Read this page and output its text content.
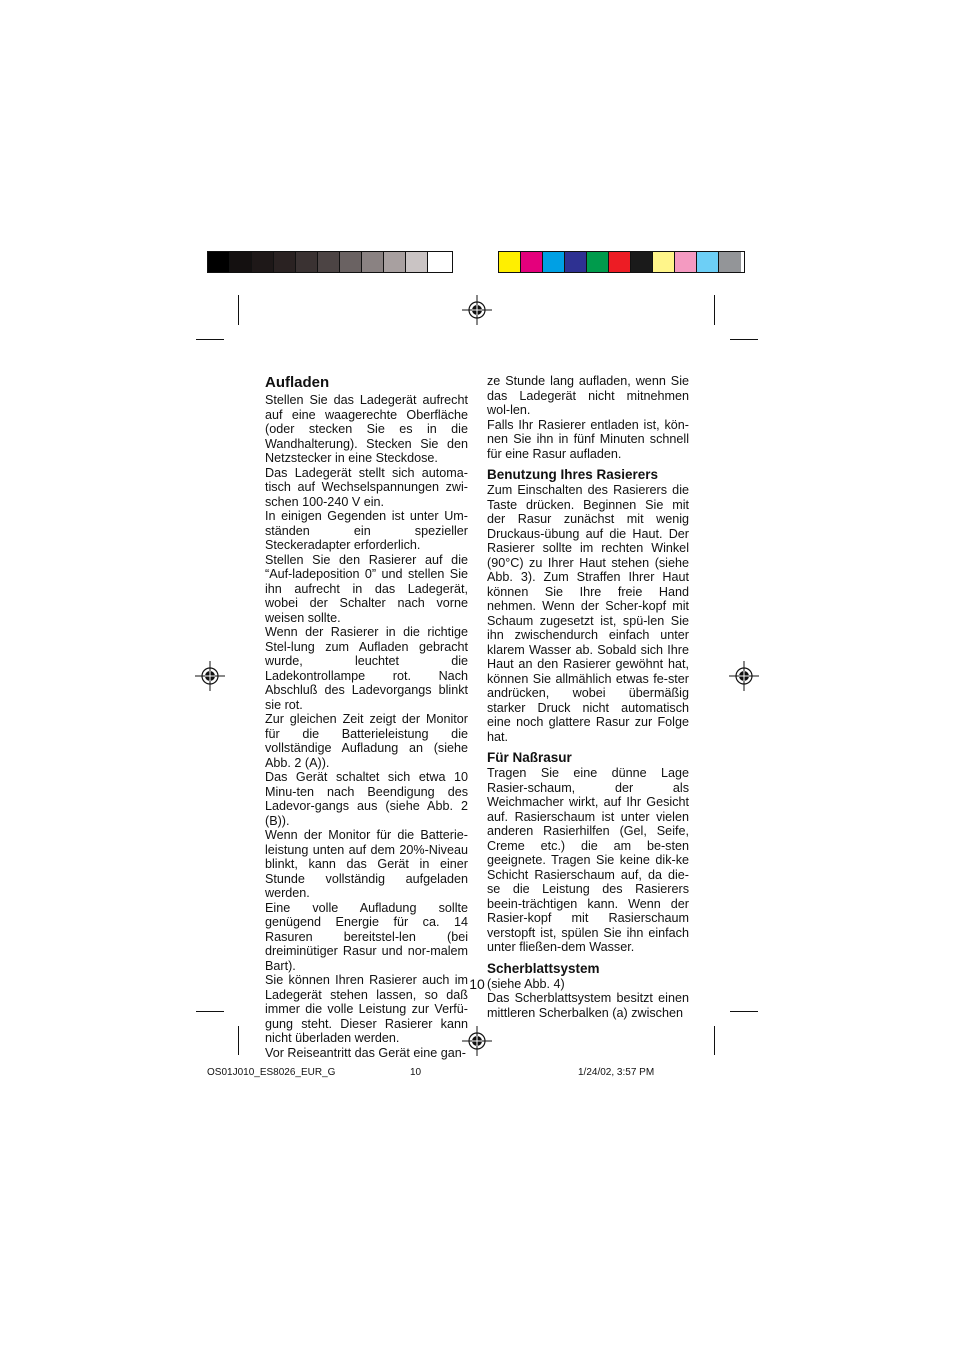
Aufladen

Stellen Sie das Ladegerät aufrecht auf eine waagerechte Oberfläche (oder stecken Sie es in die Wandhalterung). Stecken Sie den Netzstecker in eine Steckdose.

Das Ladegerät stellt sich automa-tisch auf Wechselspannungen zwi-schen 100-240 V ein.

In einigen Gegenden ist unter Um-ständen ein spezieller Steckeradapter erforderlich.

Stellen Sie den Rasierer auf die “Auf-ladeposition 0” und stellen Sie ihn aufrecht in das Ladegerät, wobei der Schalter nach vorne weisen sollte.

Wenn der Rasierer in die richtige Stel-lung zum Aufladen gebracht wurde, leuchtet die Ladekontrollampe rot. Nach Abschluß des Ladevorgangs blinkt sie rot.

Zur gleichen Zeit zeigt der Monitor für die Batterieleistung die vollständige Aufladung an (siehe Abb. 2 (A)).

Das Gerät schaltet sich etwa 10 Minu-ten nach Beendigung des Ladevor-gangs aus (siehe Abb. 2 (B)).

Wenn der Monitor für die Batterie-leistung unten auf dem 20%-Niveau blinkt, kann das Gerät in einer Stunde vollständig aufgeladen werden.

Eine volle Aufladung sollte genügend Energie für ca. 14 Rasuren bereitstel-len (bei dreiminütiger Rasur und nor-malem Bart).

Sie können Ihren Rasierer auch im Ladegerät stehen lassen, so daß immer die volle Leistung zur Verfü-gung steht. Dieser Rasierer kann nicht überladen werden.

Vor Reiseantritt das Gerät eine gan-

ze Stunde lang aufladen, wenn Sie das Ladegerät nicht mitnehmen wol-len.

Falls Ihr Rasierer entladen ist, kön-nen Sie ihn in fünf Minuten schnell für eine Rasur aufladen.

Benutzung Ihres Rasierers

Zum Einschalten des Rasierers die Taste drücken. Beginnen Sie mit der Rasur zunächst mit wenig Druckaus-übung auf die Haut. Der Rasierer sollte im rechten Winkel (90°C) zu Ihrer Haut stehen (siehe Abb. 3). Zum Straffen Ihrer Haut können Sie Ihre freie Hand nehmen. Wenn der Scher-kopf mit Schaum zugesetzt ist, spü-len Sie ihn zwischendurch einfach unter klarem Wasser ab. Sobald sich Ihre Haut an den Rasierer gewöhnt hat, können Sie allmählich etwas fe-ster andrücken, wobei übermäßig starker Druck nicht automatisch eine noch glattere Rasur zur Folge hat.

Für Naßrasur

Tragen Sie eine dünne Lage Rasier-schaum, der als Weichmacher wirkt, auf Ihr Gesicht auf. Rasierschaum ist unter vielen anderen Rasierhilfen (Gel, Seife, Creme etc.) die am be-sten geeignete. Tragen Sie keine dik-ke Schicht Rasierschaum auf, da die-se die Leistung des Rasierers beein-trächtigen kann. Wenn der Rasier-kopf mit Rasierschaum verstopft ist, spülen Sie ihn einfach unter fließen-dem Wasser.

Scherblattsystem

(siehe Abb. 4)

Das Scherblattsystem besitzt einen mittleren Scherbalken (a) zwischen

10
OS01J010_ES8026_EUR_G	10	1/24/02, 3:57 PM
